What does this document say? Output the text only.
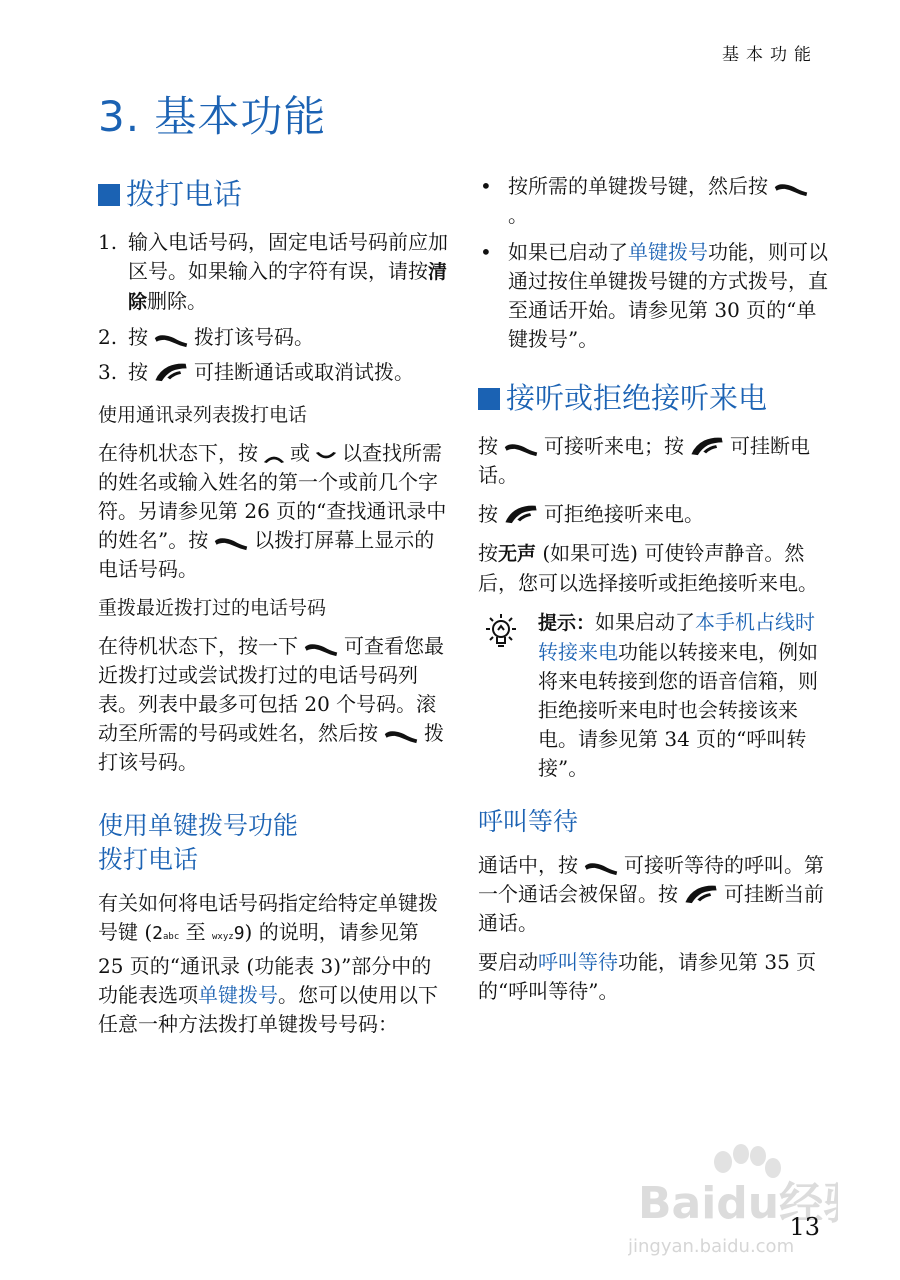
基本功能
3. 基本功能
拨打电话
1. 输入电话号码，固定电话号码前应加区号。如果输入的字符有误，请按清除删除。
2. 按 拨打该号码。
3. 按 可挂断通话或取消试拨。
使用通讯录列表拨打电话

在待机状态下，按 或 以查找所需的姓名或输入姓名的第一个或前几个字符。另请参见第 26 页的“查找通讯录中的姓名”。按 以拨打屏幕上显示的电话号码。

重拨最近拨打过的电话号码

在待机状态下，按一下 可查看您最近拨打过或尝试拨打过的电话号码列表。列表中最多可包括 20 个号码。滚动至所需的号码或姓名，然后按 拨打该号码。

使用单键拨号功能
拨打电话

有关如何将电话号码指定给特定单键拨号键 (2abc 至 wxyz9) 的说明，请参见第 25 页的“通讯录 (功能表 3)”部分中的功能表选项单键拨号。您可以使用以下任意一种方法拨打单键拨号号码：

• 按所需的单键拨号键，然后按。
• 如果已启动了单键拨号功能，则可以通过按住单键拨号键的方式拨号，直至通话开始。请参见第 30 页的“单键拨号”。
接听或拒绝接听来电

按 可接听来电；按 可挂断电话。

按 可拒绝接听来电。

按无声 (如果可选) 可使铃声静音。然后，您可以选择接听或拒绝接听来电。

提示：如果启动了本手机占线时转接来电功能以转接来电，例如将来电转接到您的语音信箱，则拒绝接听来电时也会转接该来电。请参见第 34 页的“呼叫转接”。

呼叫等待

通话中，按 可接听等待的呼叫。第一个通话会被保留。按 可挂断当前通话。

要启动呼叫等待功能，请参见第 35 页的“呼叫等待”。

Baidu经
jingyan.baidu.com
13
